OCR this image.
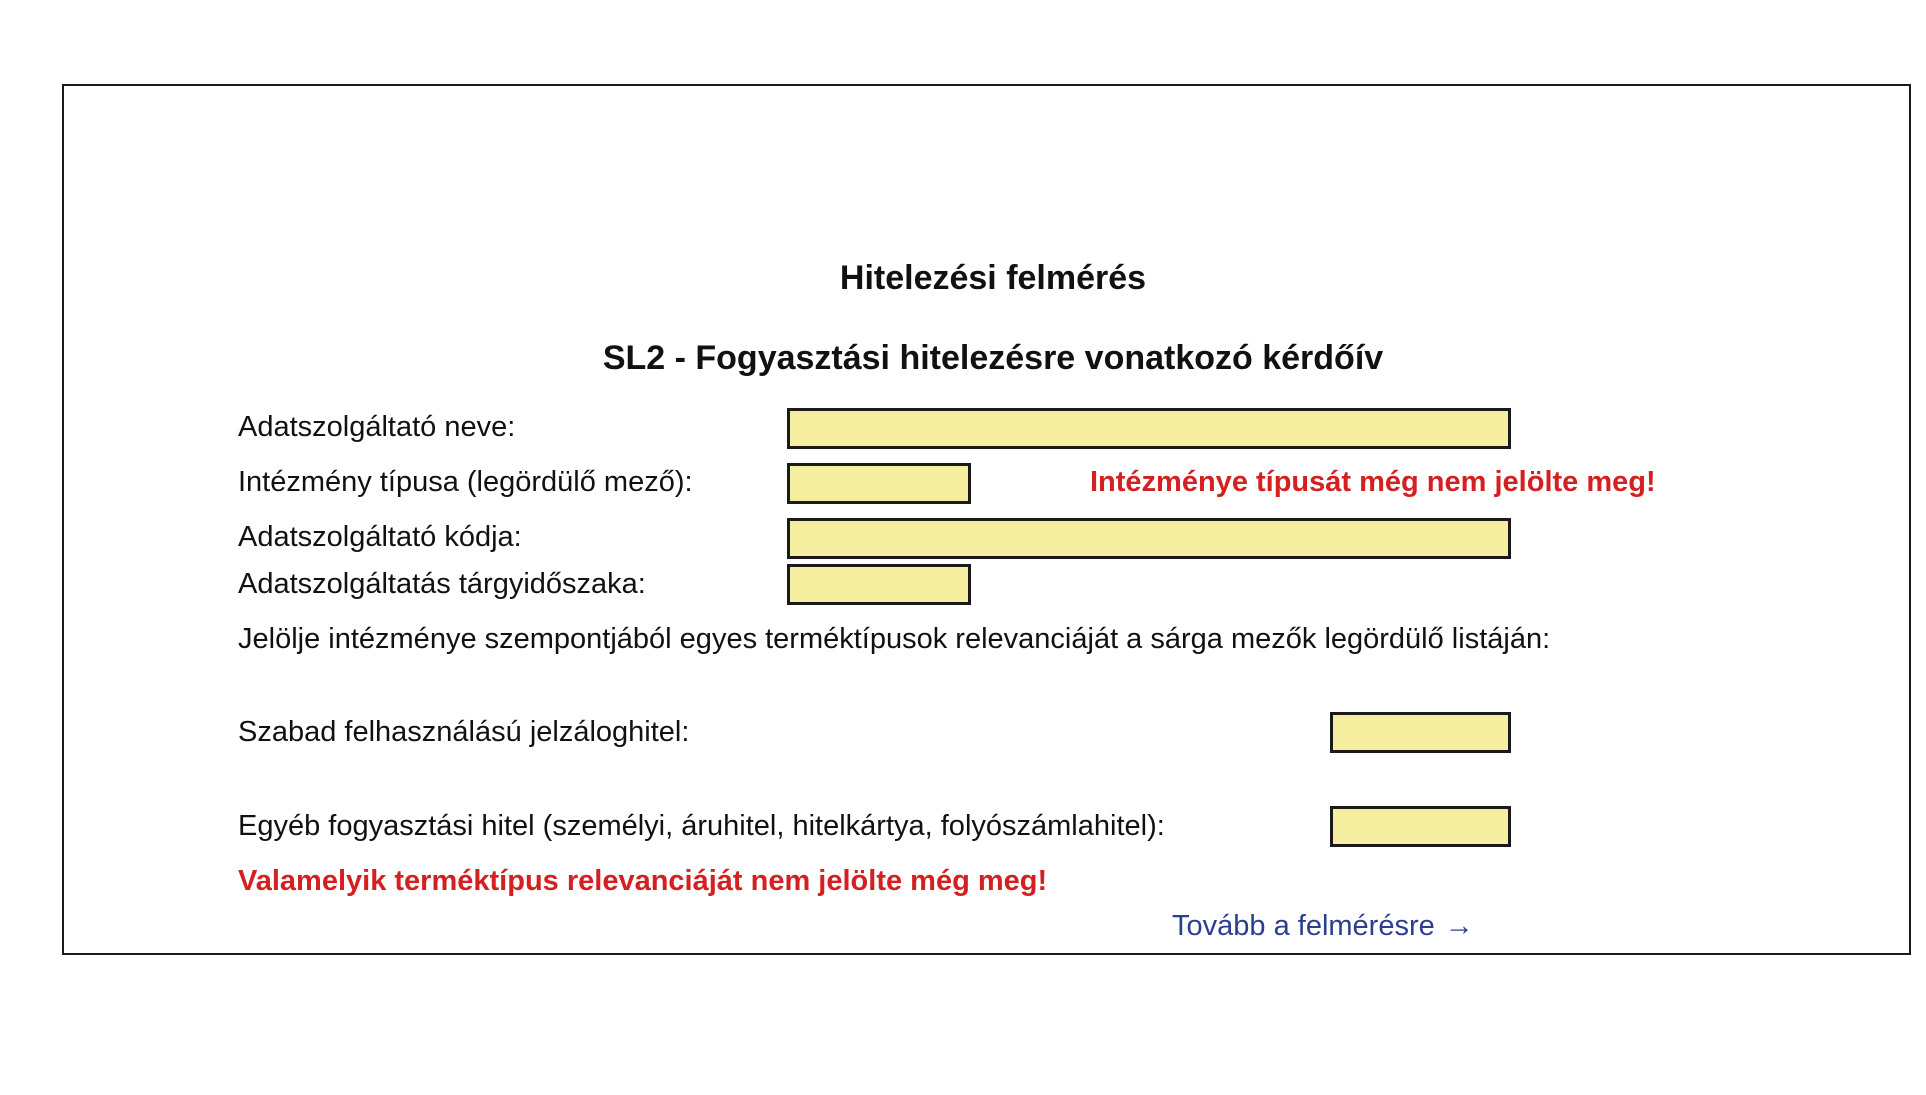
Hitelezési felmérés
SL2 - Fogyasztási hitelezésre vonatkozó kérdőív
Adatszolgáltató neve:
Intézmény típusa (legördülő mező):	Intézménye típusát még nem jelölte meg!
Adatszolgáltató kódja:
Adatszolgáltatás tárgyidőszaka:
Jelölje intézménye szempontjából egyes terméktípusok relevanciáját a sárga mezők legördülő listáján:
Szabad felhasználású jelzáloghitel:
Egyéb fogyasztási hitel (személyi, áruhitel, hitelkártya, folyószámlahitel):
Valamelyik terméktípus relevanciáját nem jelölte még meg!
Tovább a felmérésre →
